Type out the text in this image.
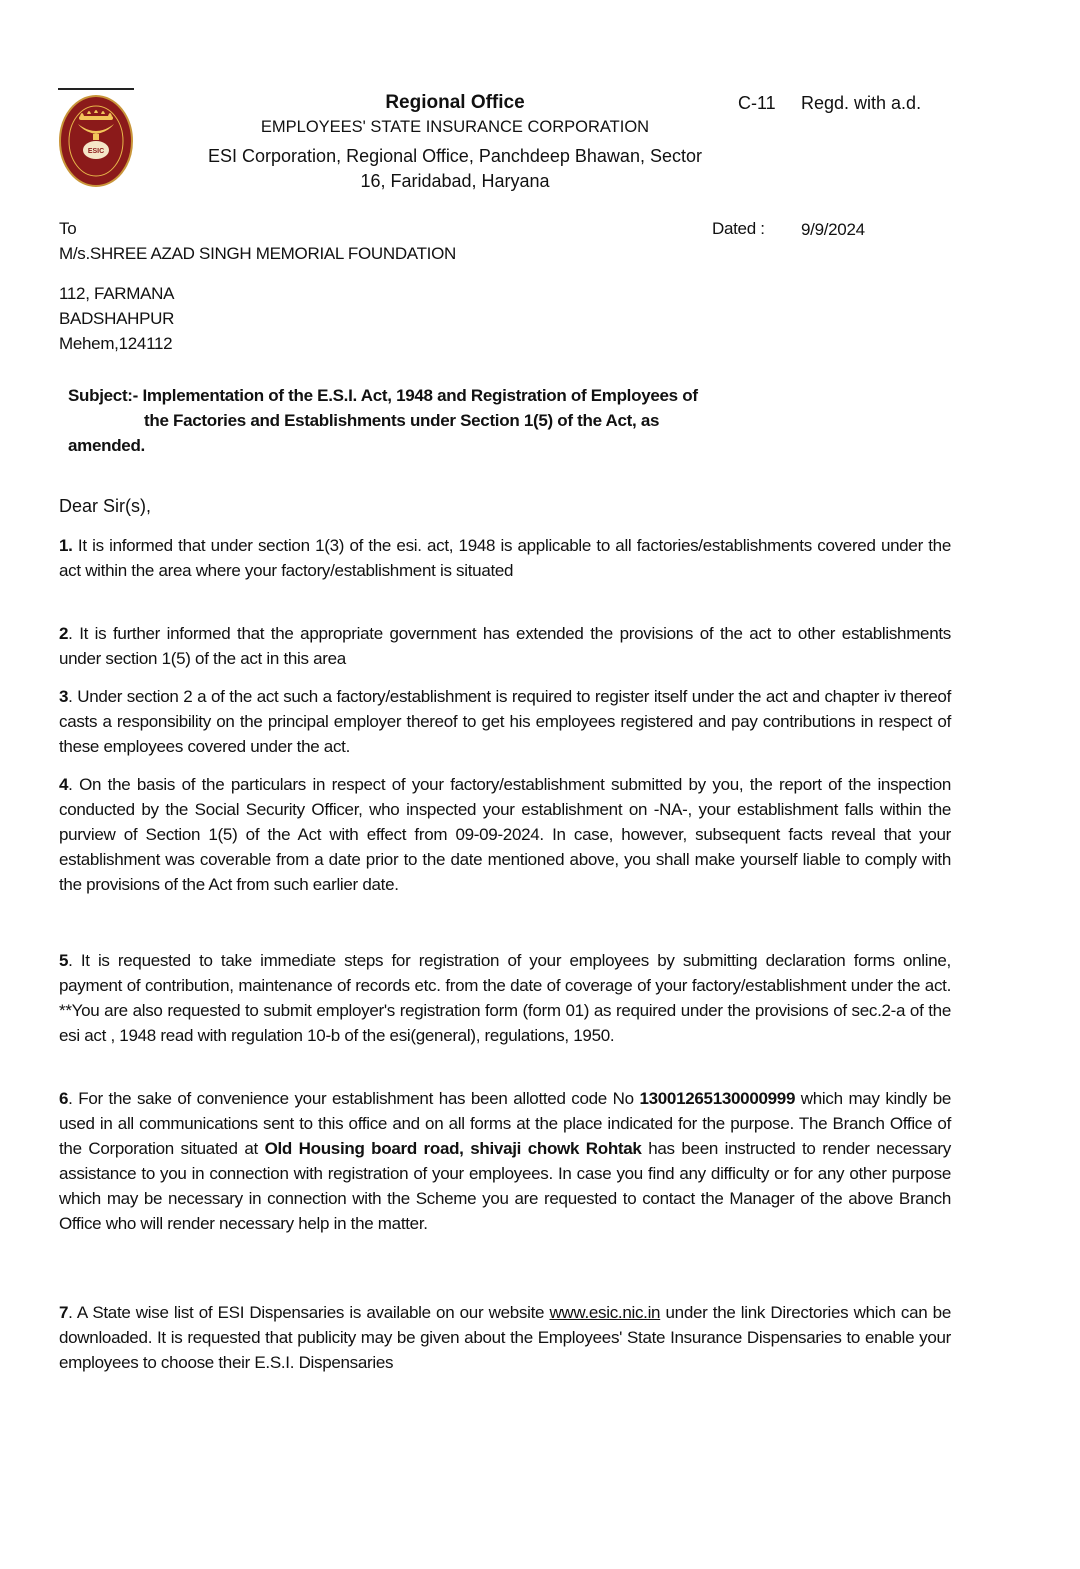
ESIC
Regional Office
EMPLOYEES' STATE INSURANCE CORPORATION
ESI Corporation, Regional Office, Panchdeep Bhawan, Sector
16, Faridabad, Haryana
C-11 Regd. with a.d.
To	Dated : 9/9/2024
M/s.SHREE AZAD SINGH MEMORIAL FOUNDATION
112, FARMANA
BADSHAHPUR
Mehem,124112
Subject:- Implementation of the E.S.I. Act, 1948 and Registration of Employees of
the Factories and Establishments under Section 1(5) of the Act, as
amended.
Dear Sir(s),
1. It is informed that under section 1(3) of the esi. act, 1948 is applicable to all factories/establishments covered under the act within the area where your factory/establishment is situated
2. It is further informed that the appropriate government has extended the provisions of the act to other establishments under section 1(5) of the act in this area
3. Under section 2 a of the act such a factory/establishment is required to register itself under the act and chapter iv thereof casts a responsibility on the principal employer thereof to get his employees registered and pay contributions in respect of these employees covered under the act.
4. On the basis of the particulars in respect of your factory/establishment submitted by you, the report of the inspection conducted by the Social Security Officer, who inspected your establishment on -NA-, your establishment falls within the purview of Section 1(5) of the Act with effect from 09-09-2024. In case, however, subsequent facts reveal that your establishment was coverable from a date prior to the date mentioned above, you shall make yourself liable to comply with the provisions of the Act from such earlier date.
5. It is requested to take immediate steps for registration of your employees by submitting declaration forms online, payment of contribution, maintenance of records etc. from the date of coverage of your factory/establishment under the act. **You are also requested to submit employer's registration form (form 01) as required under the provisions of sec.2-a of the esi act , 1948 read with regulation 10-b of the esi(general), regulations, 1950.
6. For the sake of convenience your establishment has been allotted code No 13001265130000999 which may kindly be used in all communications sent to this office and on all forms at the place indicated for the purpose. The Branch Office of the Corporation situated at Old Housing board road, shivaji chowk Rohtak has been instructed to render necessary assistance to you in connection with registration of your employees. In case you find any difficulty or for any other purpose which may be necessary in connection with the Scheme you are requested to contact the Manager of the above Branch Office who will render necessary help in the matter.
7. A State wise list of ESI Dispensaries is available on our website www.esic.nic.in under the link Directories which can be downloaded. It is requested that publicity may be given about the Employees' State Insurance Dispensaries to enable your employees to choose their E.S.I. Dispensaries
